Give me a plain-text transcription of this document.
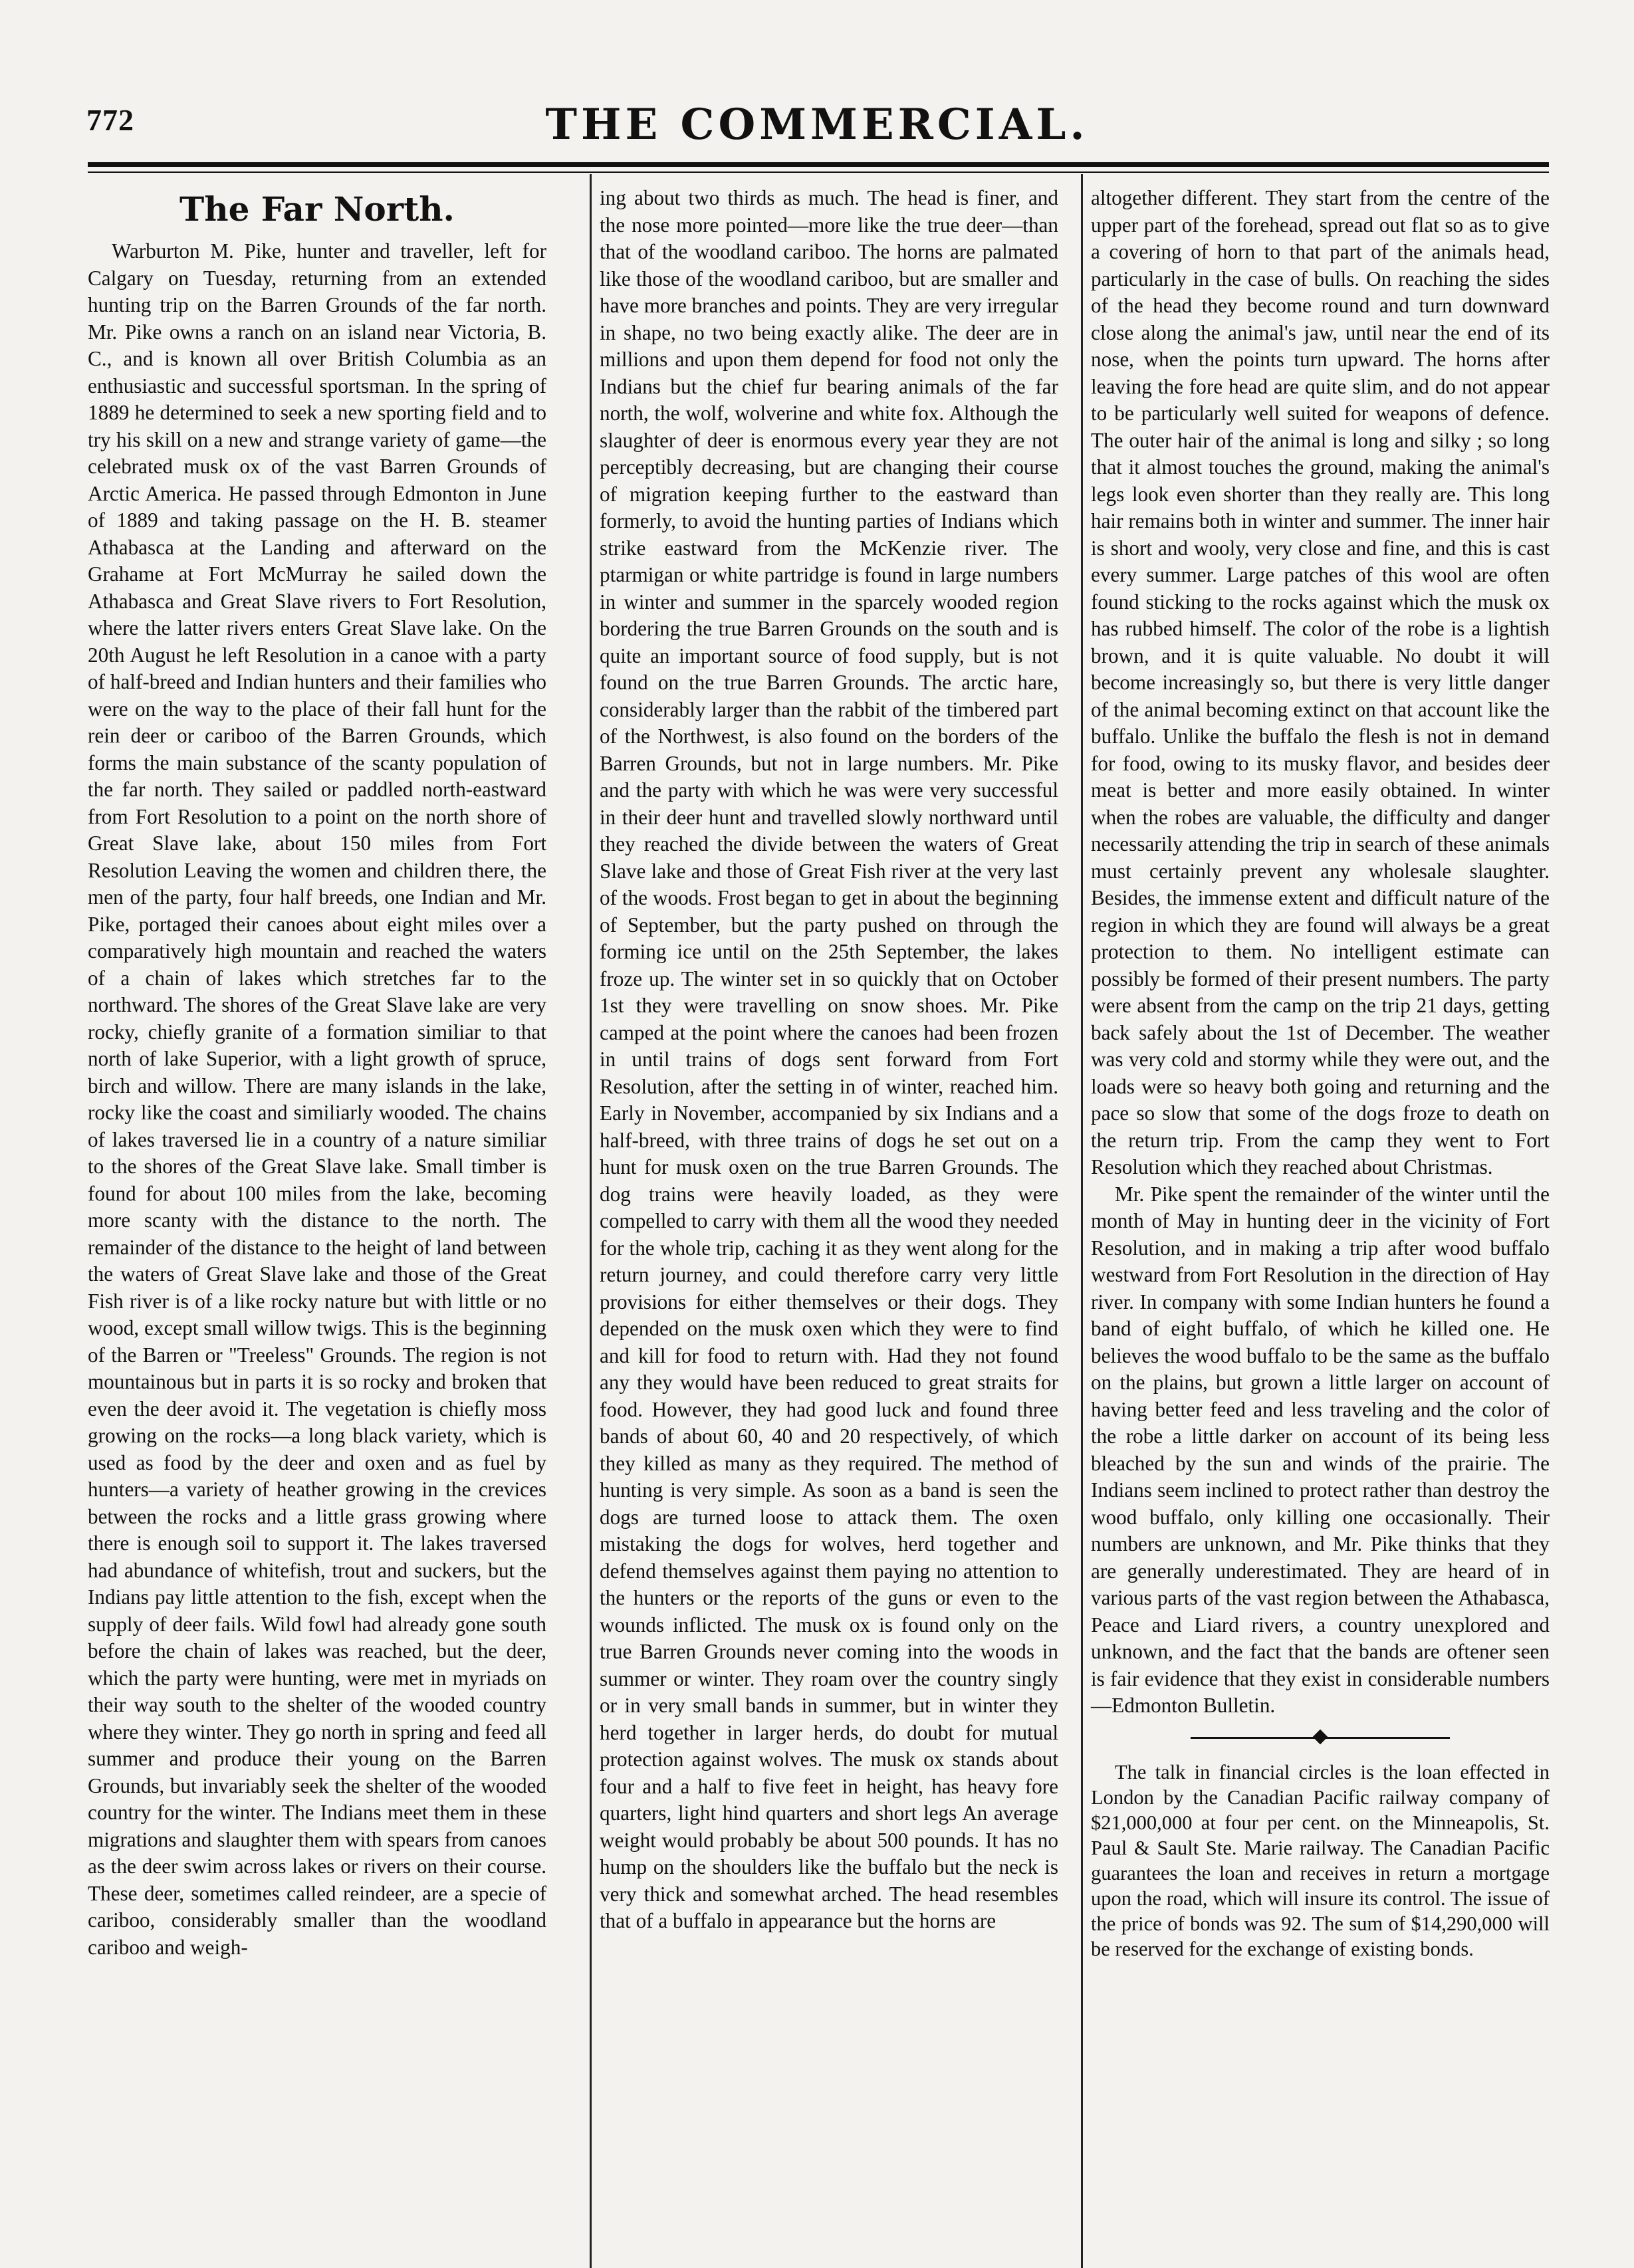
772	THE COMMERCIAL.
The Far North.

Warburton M. Pike, hunter and traveller, left for Calgary on Tuesday, returning from an extended hunting trip on the Barren Grounds of the far north. Mr. Pike owns a ranch on an island near Victoria, B. C., and is known all over British Columbia as an enthusiastic and successful sportsman. In the spring of 1889 he determined to seek a new sporting field and to try his skill on a new and strange variety of game—the celebrated musk ox of the vast Barren Grounds of Arctic America. He passed through Edmonton in June of 1889 and taking passage on the H. B. steamer Athabasca at the Landing and afterward on the Grahame at Fort McMurray he sailed down the Athabasca and Great Slave rivers to Fort Resolution, where the latter rivers enters Great Slave lake. On the 20th August he left Resolution in a canoe with a party of half-breed and Indian hunters and their families who were on the way to the place of their fall hunt for the rein deer or cariboo of the Barren Grounds, which forms the main substance of the scanty population of the far north. They sailed or paddled north-eastward from Fort Resolution to a point on the north shore of Great Slave lake, about 150 miles from Fort Resolution Leaving the women and children there, the men of the party, four half breeds, one Indian and Mr. Pike, portaged their canoes about eight miles over a comparatively high mountain and reached the waters of a chain of lakes which stretches far to the northward. The shores of the Great Slave lake are very rocky, chiefly granite of a formation similiar to that north of lake Superior, with a light growth of spruce, birch and willow. There are many islands in the lake, rocky like the coast and similiarly wooded. The chains of lakes traversed lie in a country of a nature similiar to the shores of the Great Slave lake. Small timber is found for about 100 miles from the lake, becoming more scanty with the distance to the north. The remainder of the distance to the height of land between the waters of Great Slave lake and those of the Great Fish river is of a like rocky nature but with little or no wood, except small willow twigs. This is the beginning of the Barren or "Treeless" Grounds. The region is not mountainous but in parts it is so rocky and broken that even the deer avoid it. The vegetation is chiefly moss growing on the rocks—a long black variety, which is used as food by the deer and oxen and as fuel by hunters—a variety of heather growing in the crevices between the rocks and a little grass growing where there is enough soil to support it. The lakes traversed had abundance of whitefish, trout and suckers, but the Indians pay little attention to the fish, except when the supply of deer fails. Wild fowl had already gone south before the chain of lakes was reached, but the deer, which the party were hunting, were met in myriads on their way south to the shelter of the wooded country where they winter. They go north in spring and feed all summer and produce their young on the Barren Grounds, but invariably seek the shelter of the wooded country for the winter. The Indians meet them in these migrations and slaughter them with spears from canoes as the deer swim across lakes or rivers on their course. These deer, sometimes called reindeer, are a specie of cariboo, considerably smaller than the woodland cariboo and weigh-

ing about two thirds as much. The head is finer, and the nose more pointed—more like the true deer—than that of the woodland cariboo. The horns are palmated like those of the woodland cariboo, but are smaller and have more branches and points. They are very irregular in shape, no two being exactly alike. The deer are in millions and upon them depend for food not only the Indians but the chief fur bearing animals of the far north, the wolf, wolverine and white fox. Although the slaughter of deer is enormous every year they are not perceptibly decreasing, but are changing their course of migration keeping further to the eastward than formerly, to avoid the hunting parties of Indians which strike eastward from the McKenzie river. The ptarmigan or white partridge is found in large numbers in winter and summer in the sparcely wooded region bordering the true Barren Grounds on the south and is quite an important source of food supply, but is not found on the true Barren Grounds. The arctic hare, considerably larger than the rabbit of the timbered part of the Northwest, is also found on the borders of the Barren Grounds, but not in large numbers. Mr. Pike and the party with which he was were very successful in their deer hunt and travelled slowly northward until they reached the divide between the waters of Great Slave lake and those of Great Fish river at the very last of the woods. Frost began to get in about the beginning of September, but the party pushed on through the forming ice until on the 25th September, the lakes froze up. The winter set in so quickly that on October 1st they were travelling on snow shoes. Mr. Pike camped at the point where the canoes had been frozen in until trains of dogs sent forward from Fort Resolution, after the setting in of winter, reached him. Early in November, accompanied by six Indians and a half-breed, with three trains of dogs he set out on a hunt for musk oxen on the true Barren Grounds. The dog trains were heavily loaded, as they were compelled to carry with them all the wood they needed for the whole trip, caching it as they went along for the return journey, and could therefore carry very little provisions for either themselves or their dogs. They depended on the musk oxen which they were to find and kill for food to return with. Had they not found any they would have been reduced to great straits for food. However, they had good luck and found three bands of about 60, 40 and 20 respectively, of which they killed as many as they required. The method of hunting is very simple. As soon as a band is seen the dogs are turned loose to attack them. The oxen mistaking the dogs for wolves, herd together and defend themselves against them paying no attention to the hunters or the reports of the guns or even to the wounds inflicted. The musk ox is found only on the true Barren Grounds never coming into the woods in summer or winter. They roam over the country singly or in very small bands in summer, but in winter they herd together in larger herds, do doubt for mutual protection against wolves. The musk ox stands about four and a half to five feet in height, has heavy fore quarters, light hind quarters and short legs An average weight would probably be about 500 pounds. It has no hump on the shoulders like the buffalo but the neck is very thick and somewhat arched. The head resembles that of a buffalo in appearance but the horns are

altogether different. They start from the centre of the upper part of the forehead, spread out flat so as to give a covering of horn to that part of the animals head, particularly in the case of bulls. On reaching the sides of the head they become round and turn downward close along the animal's jaw, until near the end of its nose, when the points turn upward. The horns after leaving the fore head are quite slim, and do not appear to be particularly well suited for weapons of defence. The outer hair of the animal is long and silky ; so long that it almost touches the ground, making the animal's legs look even shorter than they really are. This long hair remains both in winter and summer. The inner hair is short and wooly, very close and fine, and this is cast every summer. Large patches of this wool are often found sticking to the rocks against which the musk ox has rubbed himself. The color of the robe is a lightish brown, and it is quite valuable. No doubt it will become increasingly so, but there is very little danger of the animal becoming extinct on that account like the buffalo. Unlike the buffalo the flesh is not in demand for food, owing to its musky flavor, and besides deer meat is better and more easily obtained. In winter when the robes are valuable, the difficulty and danger necessarily attending the trip in search of these animals must certainly prevent any wholesale slaughter. Besides, the immense extent and difficult nature of the region in which they are found will always be a great protection to them. No intelligent estimate can possibly be formed of their present numbers. The party were absent from the camp on the trip 21 days, getting back safely about the 1st of December. The weather was very cold and stormy while they were out, and the loads were so heavy both going and returning and the pace so slow that some of the dogs froze to death on the return trip. From the camp they went to Fort Resolution which they reached about Christmas.

Mr. Pike spent the remainder of the winter until the month of May in hunting deer in the vicinity of Fort Resolution, and in making a trip after wood buffalo westward from Fort Resolution in the direction of Hay river. In company with some Indian hunters he found a band of eight buffalo, of which he killed one. He believes the wood buffalo to be the same as the buffalo on the plains, but grown a little larger on account of having better feed and less traveling and the color of the robe a little darker on account of its being less bleached by the sun and winds of the prairie. The Indians seem inclined to protect rather than destroy the wood buffalo, only killing one occasionally. Their numbers are unknown, and Mr. Pike thinks that they are generally underestimated. They are heard of in various parts of the vast region between the Athabasca, Peace and Liard rivers, a country unexplored and unknown, and the fact that the bands are oftener seen is fair evidence that they exist in considerable numbers —Edmonton Bulletin.

The talk in financial circles is the loan effected in London by the Canadian Pacific railway company of $21,000,000 at four per cent. on the Minneapolis, St. Paul & Sault Ste. Marie railway. The Canadian Pacific guarantees the loan and receives in return a mortgage upon the road, which will insure its control. The issue of the price of bonds was 92. The sum of $14,290,000 will be reserved for the exchange of existing bonds.
